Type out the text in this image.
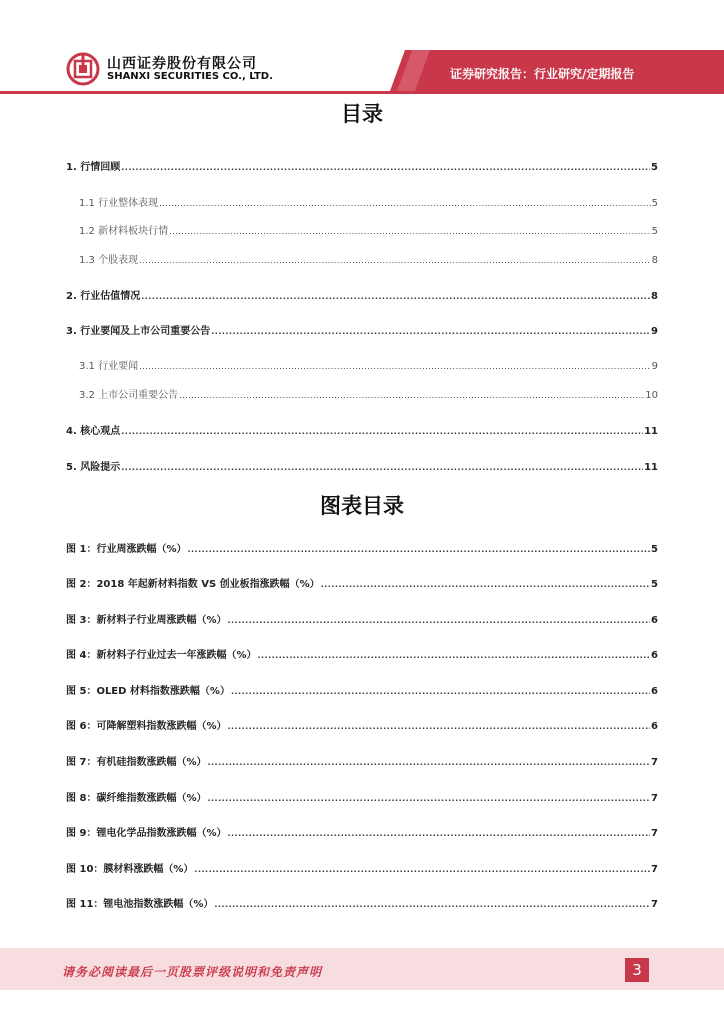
山西证券股份有限公司
SHANXI SECURITIES CO., LTD.	证券研究报告：行业研究/定期报告
目录
1. 行情回顾 .....	5
1.1 行业整体表现 .....	5
1.2 新材料板块行情 .....	5
1.3 个股表现 .....	8
2. 行业估值情况 .....	8
3. 行业要闻及上市公司重要公告 .....	9
3.1 行业要闻 .....	9
3.2 上市公司重要公告 .....	10
4. 核心观点 .....	11
5. 风险提示 .....	11
图表目录
图 1：行业周涨跌幅（%） .....	5
图 2：2018 年起新材料指数 VS 创业板指涨跌幅（%） .....	5
图 3：新材料子行业周涨跌幅（%） .....	6
图 4：新材料子行业过去一年涨跌幅（%） .....	6
图 5：OLED 材料指数涨跌幅（%） .....	6
图 6：可降解塑料指数涨跌幅（%） .....	6
图 7：有机硅指数涨跌幅（%） .....	7
图 8：碳纤维指数涨跌幅（%） .....	7
图 9：锂电化学品指数涨跌幅（%） .....	7
图 10：膜材料涨跌幅（%） .....	7
图 11：锂电池指数涨跌幅（%） .....	7
请务必阅读最后一页股票评级说明和免责声明	3
